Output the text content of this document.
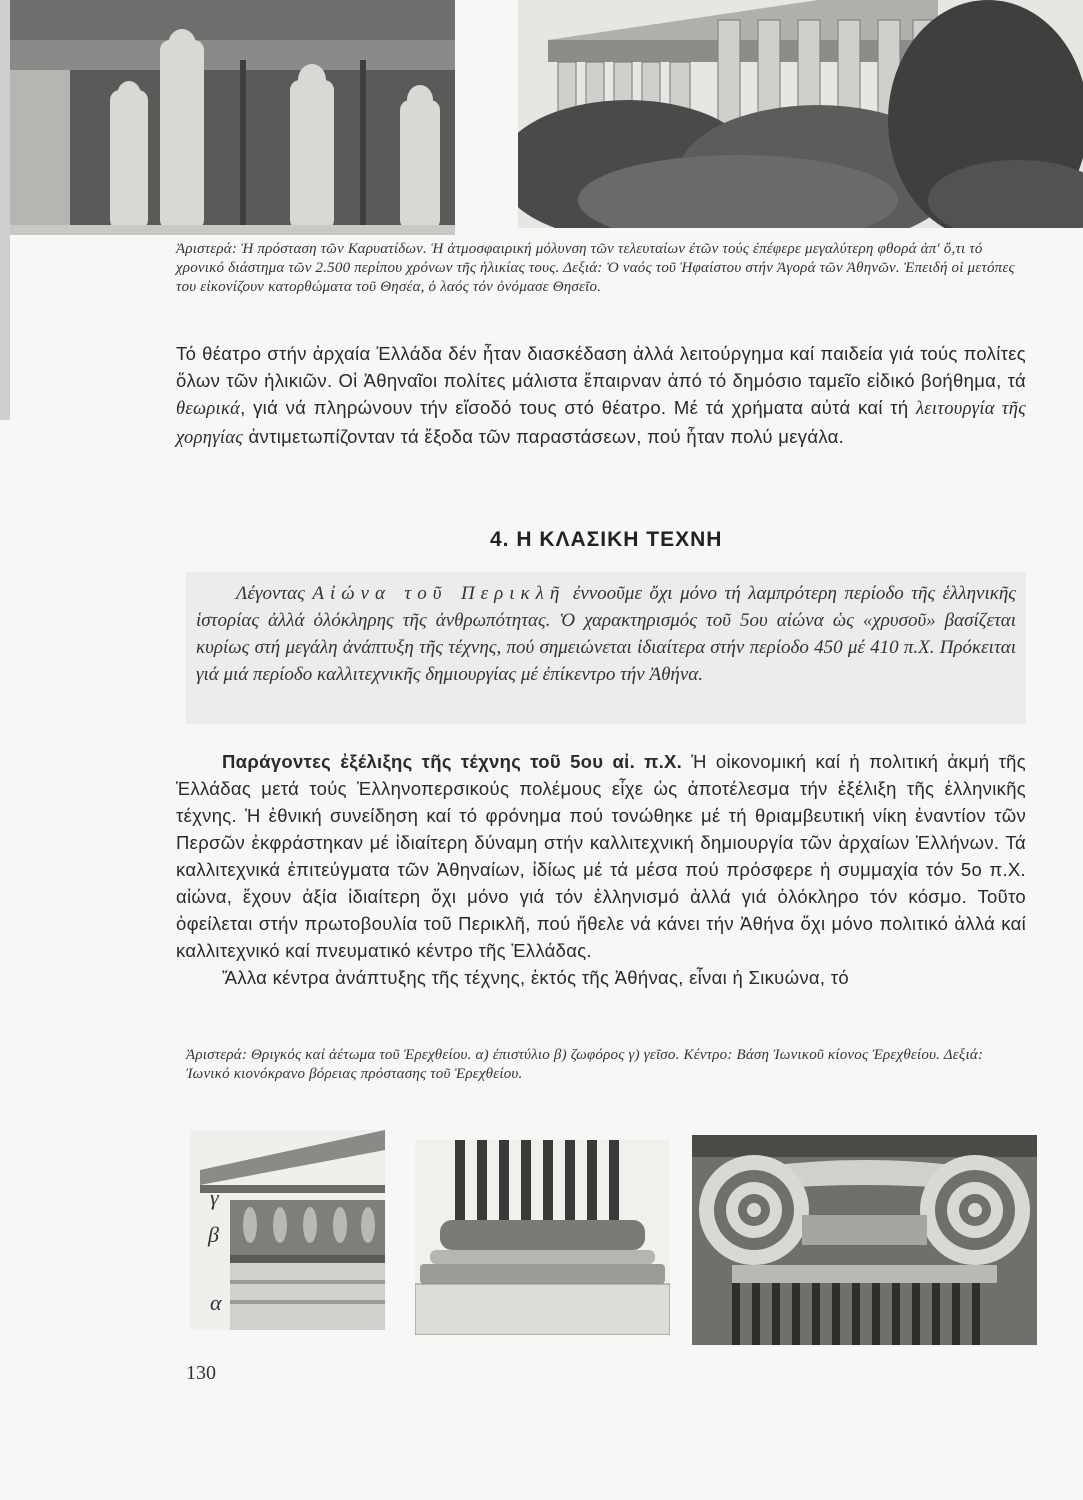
Ἀριστερά: Ἡ πρόσταση τῶν Καρυατίδων. Ἡ ἀτμοσφαιρική μόλυνση τῶν τελευταίων ἐτῶν τούς ἐπέφερε μεγαλύτερη φθορά ἀπ' ὅ,τι τό χρονικό διάστημα τῶν 2.500 περίπου χρόνων τῆς ἡλικίας τους. Δεξιά: Ὁ ναός τοῦ Ἡφαίστου στήν Ἀγορά τῶν Ἀθηνῶν. Ἐπειδή οἱ μετόπες του εἰκονίζουν κατορθώματα τοῦ Θησέα, ὁ λαός τόν ὀνόμασε Θησεῖο.

Τό θέατρο στήν ἀρχαία Ἑλλάδα δέν ἦταν διασκέδαση ἀλλά λειτούργημα καί παιδεία γιά τούς πολίτες ὅλων τῶν ἡλικιῶν. Οἱ Ἀθηναῖοι πολίτες μάλιστα ἔπαιρναν ἀπό τό δημόσιο ταμεῖο εἰδικό βοήθημα, τά θεωρικά, γιά νά πληρώνουν τήν εἴσοδό τους στό θέατρο. Μέ τά χρήματα αὐτά καί τή λειτουργία τῆς χορηγίας ἀντιμετωπίζονταν τά ἔξοδα τῶν παραστάσεων, πού ἦταν πολύ μεγάλα.

4. Η ΚΛΑΣΙΚΗ ΤΕΧΝΗ

Λέγοντας Αἰώνα τοῦ Περικλῆ ἐννοοῦμε ὄχι μόνο τή λαμπρότερη περίοδο τῆς ἑλληνικῆς ἱστορίας ἀλλά ὁλόκληρης τῆς ἀνθρωπότητας. Ὁ χαρακτηρισμός τοῦ 5ου αἰώνα ὡς «χρυσοῦ» βασίζεται κυρίως στή μεγάλη ἀνάπτυξη τῆς τέχνης, πού σημειώνεται ἰδιαίτερα στήν περίοδο 450 μέ 410 π.Χ. Πρόκειται γιά μιά περίοδο καλλιτεχνικῆς δημιουργίας μέ ἐπίκεντρο τήν Ἀθήνα.

Παράγοντες ἐξέλιξης τῆς τέχνης τοῦ 5ου αἰ. π.Χ. Ἡ οἰκονομική καί ἡ πολιτική ἀκμή τῆς Ἑλλάδας μετά τούς Ἑλληνοπερσικούς πολέμους εἶχε ὡς ἀποτέλεσμα τήν ἐξέλιξη τῆς ἑλληνικῆς τέχνης. Ἡ ἐθνική συνείδηση καί τό φρόνημα πού τονώθηκε μέ τή θριαμβευτική νίκη ἐναντίον τῶν Περσῶν ἐκφράστηκαν μέ ἰδιαίτερη δύναμη στήν καλλιτεχνική δημιουργία τῶν ἀρχαίων Ἑλλήνων. Τά καλλιτεχνικά ἐπιτεύγματα τῶν Ἀθηναίων, ἰδίως μέ τά μέσα πού πρόσφερε ἡ συμμαχία τόν 5ο π.Χ. αἰώνα, ἔχουν ἀξία ἰδιαίτερη ὄχι μόνο γιά τόν ἑλληνισμό ἀλλά γιά ὁλόκληρο τόν κόσμο. Τοῦτο ὀφείλεται στήν πρωτοβουλία τοῦ Περικλῆ, πού ἤθελε νά κάνει τήν Ἀθήνα ὄχι μόνο πολιτικό ἀλλά καί καλλιτεχνικό καί πνευματικό κέντρο τῆς Ἑλλάδας.

Ἄλλα κέντρα ἀνάπτυξης τῆς τέχνης, ἐκτός τῆς Ἀθήνας, εἶναι ἡ Σικυώνα, τό

Ἀριστερά: Θριγκός καί ἀέτωμα τοῦ Ἐρεχθείου. α) ἐπιστύλιο β) ζωφόρος γ) γεῖσο. Κέντρο: Βάση Ἰωνικοῦ κίονος Ἐρεχθείου. Δεξιά: Ἰωνικό κιονόκρανο βόρειας πρόστασης τοῦ Ἐρεχθείου.
γ
β
α
130
